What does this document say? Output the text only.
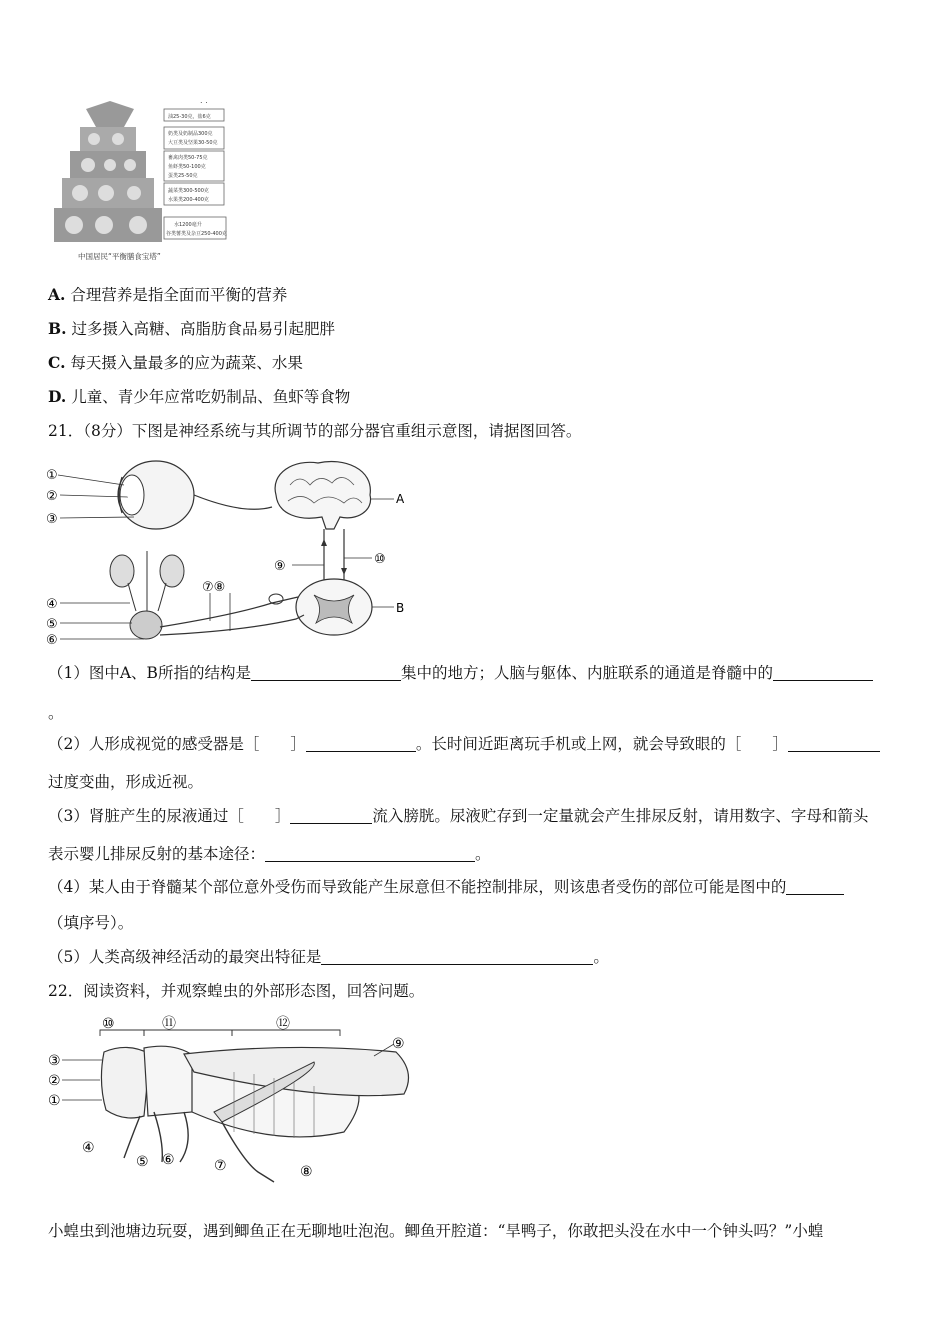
. .
油25-30克，盐6克
奶类及奶制品300克
大豆类及坚果30-50克
畜禽肉类50-75克
鱼虾类50-100克
蛋类25-50克
蔬菜类300-500克
水果类200-400克
水1200毫升
谷类薯类及杂豆250-400克
中国居民“平衡膳食宝塔”
A. 合理营养是指全面而平衡的营养
B. 过多摄入高糖、高脂肪食品易引起肥胖
C. 每天摄入量最多的应为蔬菜、水果
D. 儿童、青少年应常吃奶制品、鱼虾等食物
21．（8分）下图是神经系统与其所调节的部分器官重组示意图，请据图回答。
①
②
③
A
⑨	⑩
B
④
⑤
⑥
⑦⑧
（1）图中A、B所指的结构是	集中的地方；人脑与躯体、内脏联系的通道是脊髓中的
。
（2）人形成视觉的感受器是［　　］	。长时间近距离玩手机或上网，就会导致眼的［　　］
过度变曲，形成近视。
（3）肾脏产生的尿液通过［　　］	流入膀胱。尿液贮存到一定量就会产生排尿反射，请用数字、字母和箭头
表示婴儿排尿反射的基本途径：	。
（4）某人由于脊髓某个部位意外受伤而导致能产生尿意但不能控制排尿，则该患者受伤的部位可能是图中的
（填序号）。
（5）人类高级神经活动的最突出特征是	。
22．阅读资料，并观察蝗虫的外部形态图，回答问题。
⑩	⑪	⑫
③
②
①
④
⑤ ⑥	⑦	⑧
⑨
小蝗虫到池塘边玩耍，遇到鲫鱼正在无聊地吐泡泡。鲫鱼开腔道：“旱鸭子，你敢把头没在水中一个钟头吗？”小蝗
